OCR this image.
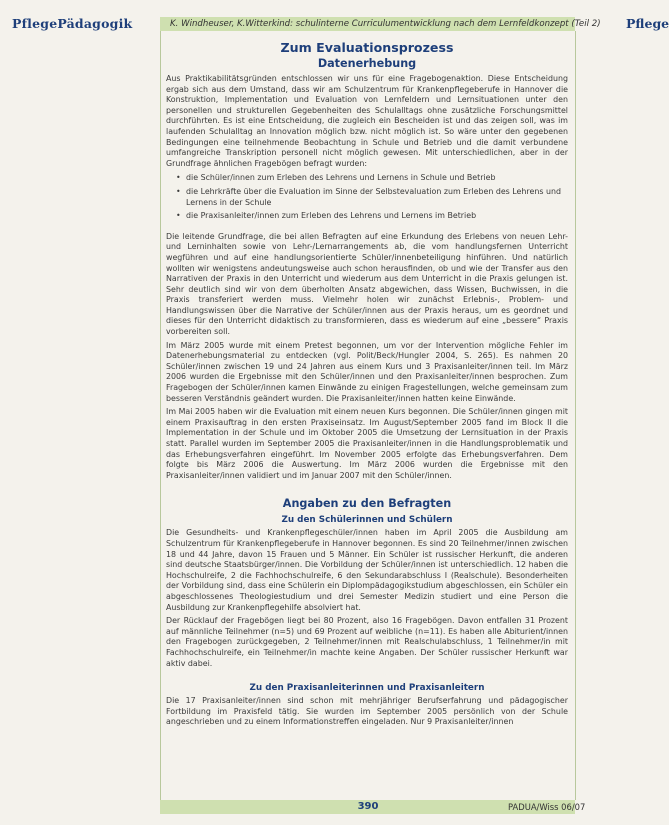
PflegePädagogik	K. Windheuser, K.Witterkind: schulinterne Curriculumentwicklung nach dem Lernfeldkonzept (Teil 2) Pflege
Zum Evaluationsprozess
Datenerhebung

Aus Praktikabilitätsgründen entschlossen wir uns für eine Fragebogenaktion. Diese Entscheidung ergab sich aus dem Umstand, dass wir am Schulzentrum für Krankenpflegeberufe in Hannover die Konstruktion, Implementation und Evaluation von Lernfeldern und Lernsituationen unter den personellen und strukturellen Gegebenheiten des Schulalltags ohne zusätzliche Forschungsmittel durchführten. Es ist eine Entscheidung, die zugleich ein Bescheiden ist und das zeigen soll, was im laufenden Schulalltag an Innovation möglich bzw. nicht möglich ist. So wäre unter den gegebenen Bedingungen eine teilnehmende Beobachtung in Schule und Betrieb und die damit verbundene umfangreiche Transkription personell nicht möglich gewesen. Mit unterschiedlichen, aber in der Grundfrage ähnlichen Fragebögen befragt wurden:

• die Schüler/innen zum Erleben des Lehrens und Lernens in Schule und Betrieb
• die Lehrkräfte über die Evaluation im Sinne der Selbstevaluation zum Erleben des Lehrens und Lernens in der Schule
• die Praxisanleiter/innen zum Erleben des Lehrens und Lernens im Betrieb

Die leitende Grundfrage, die bei allen Befragten auf eine Erkundung des Erlebens von neuen Lehr- und Lerninhalten sowie von Lehr-/Lernarrangements ab, die vom handlungsfernen Unterricht wegführen und auf eine handlungsorientierte Schüler/innenbeteiligung hinführen. Und natürlich wollten wir wenigstens andeutungsweise auch schon herausfinden, ob und wie der Transfer aus den Narrativen der Praxis in den Unterricht und wiederum aus dem Unterricht in die Praxis gelungen ist. Sehr deutlich sind wir von dem überholten Ansatz abgewichen, dass Wissen, Buchwissen, in die Praxis transferiert werden muss. Vielmehr holen wir zunächst Erlebnis-, Problem- und Handlungswissen über die Narrative der Schüler/innen aus der Praxis heraus, um es geordnet und dieses für den Unterricht didaktisch zu transformieren, dass es wiederum auf eine „bessere“ Praxis vorbereiten soll.

Im März 2005 wurde mit einem Pretest begonnen, um vor der Intervention mögliche Fehler im Datenerhebungsmaterial zu entdecken (vgl. Polit/Beck/Hungler 2004, S. 265). Es nahmen 20 Schüler/innen zwischen 19 und 24 Jahren aus einem Kurs und 3 Praxisanleiter/innen teil. Im März 2006 wurden die Ergebnisse mit den Schüler/innen und den Praxisanleiter/innen besprochen. Zum Fragebogen der Schüler/innen kamen Einwände zu einigen Fragestellungen, welche gemeinsam zum besseren Verständnis geändert wurden. Die Praxisanleiter/innen hatten keine Einwände.

Im Mai 2005 haben wir die Evaluation mit einem neuen Kurs begonnen. Die Schüler/innen gingen mit einem Praxisauftrag in den ersten Praxiseinsatz. Im August/September 2005 fand im Block II die Implementation in der Schule und im Oktober 2005 die Umsetzung der Lernsituation in der Praxis statt. Parallel wurden im September 2005 die Praxisanleiter/innen in die Handlungsproblematik und das Erhebungsverfahren eingeführt. Im November 2005 erfolgte das Erhebungsverfahren. Dem folgte bis März 2006 die Auswertung. Im März 2006 wurden die Ergebnisse mit den Praxisanleiter/innen validiert und im Januar 2007 mit den Schüler/innen.

Angaben zu den Befragten
Zu den Schülerinnen und Schülern

Die Gesundheits- und Krankenpflegeschüler/innen haben im April 2005 die Ausbildung am Schulzentrum für Krankenpflegeberufe in Hannover begonnen. Es sind 20 Teilnehmer/innen zwischen 18 und 44 Jahre, davon 15 Frauen und 5 Männer. Ein Schüler ist russischer Herkunft, die anderen sind deutsche Staatsbürger/innen. Die Vorbildung der Schüler/innen ist unterschiedlich. 12 haben die Hochschulreife, 2 die Fachhochschulreife, 6 den Sekundarabschluss I (Realschule). Besonderheiten der Vorbildung sind, dass eine Schülerin ein Diplompädagogikstudium abgeschlossen, ein Schüler ein abgeschlossenes Theologiestudium und drei Semester Medizin studiert und eine Person die Ausbildung zur Krankenpflegehilfe absolviert hat.

Der Rücklauf der Fragebögen liegt bei 80 Prozent, also 16 Fragebögen. Davon entfallen 31 Prozent auf männliche Teilnehmer (n=5) und 69 Prozent auf weibliche (n=11). Es haben alle Abiturient/innen den Fragebogen zurückgegeben, 2 Teilnehmer/innen mit Realschulabschluss, 1 Teilnehmer/in mit Fachhochschulreife, ein Teilnehmer/in machte keine Angaben. Der Schüler russischer Herkunft war aktiv dabei.

Zu den Praxisanleiterinnen und Praxisanleitern

Die 17 Praxisanleiter/innen sind schon mit mehrjähriger Berufserfahrung und pädagogischer Fortbildung im Praxisfeld tätig. Sie wurden im September 2005 persönlich von der Schule angeschrieben und zu einem Informationstreffen eingeladen. Nur 9 Praxisanleiter/innen

390	PADUA/Wiss 06/07
